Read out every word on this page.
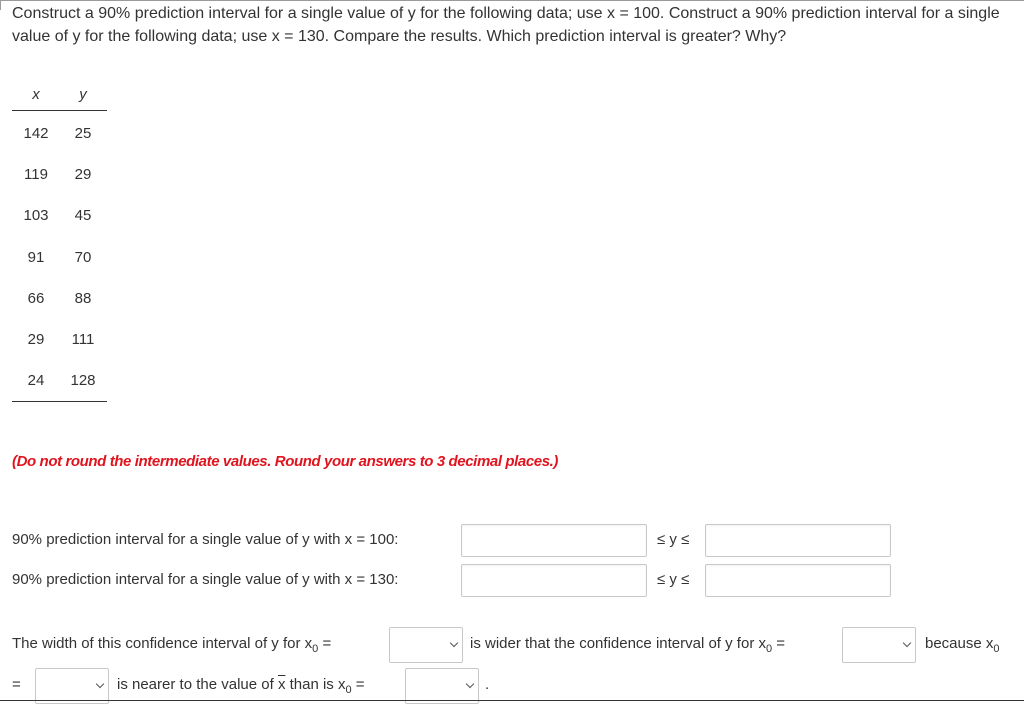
Construct a 90% prediction interval for a single value of y for the following data; use x = 100. Construct a 90% prediction interval for a single value of y for the following data; use x = 130. Compare the results. Which prediction interval is greater? Why?
x	y
142	25
119	29
103	45
91	70
66	88
29	111
24	128
(Do not round the intermediate values. Round your answers to 3 decimal places.)
90% prediction interval for a single value of y with x = 100:	≤ y ≤
90% prediction interval for a single value of y with x = 130:	≤ y ≤
The width of this confidence interval of y for $x_0$ =	is wider that the confidence interval of y for $x_0$ =	because $x_0$
=	is nearer to the value of $\overline{x}$ than is $x_0$ =	.
